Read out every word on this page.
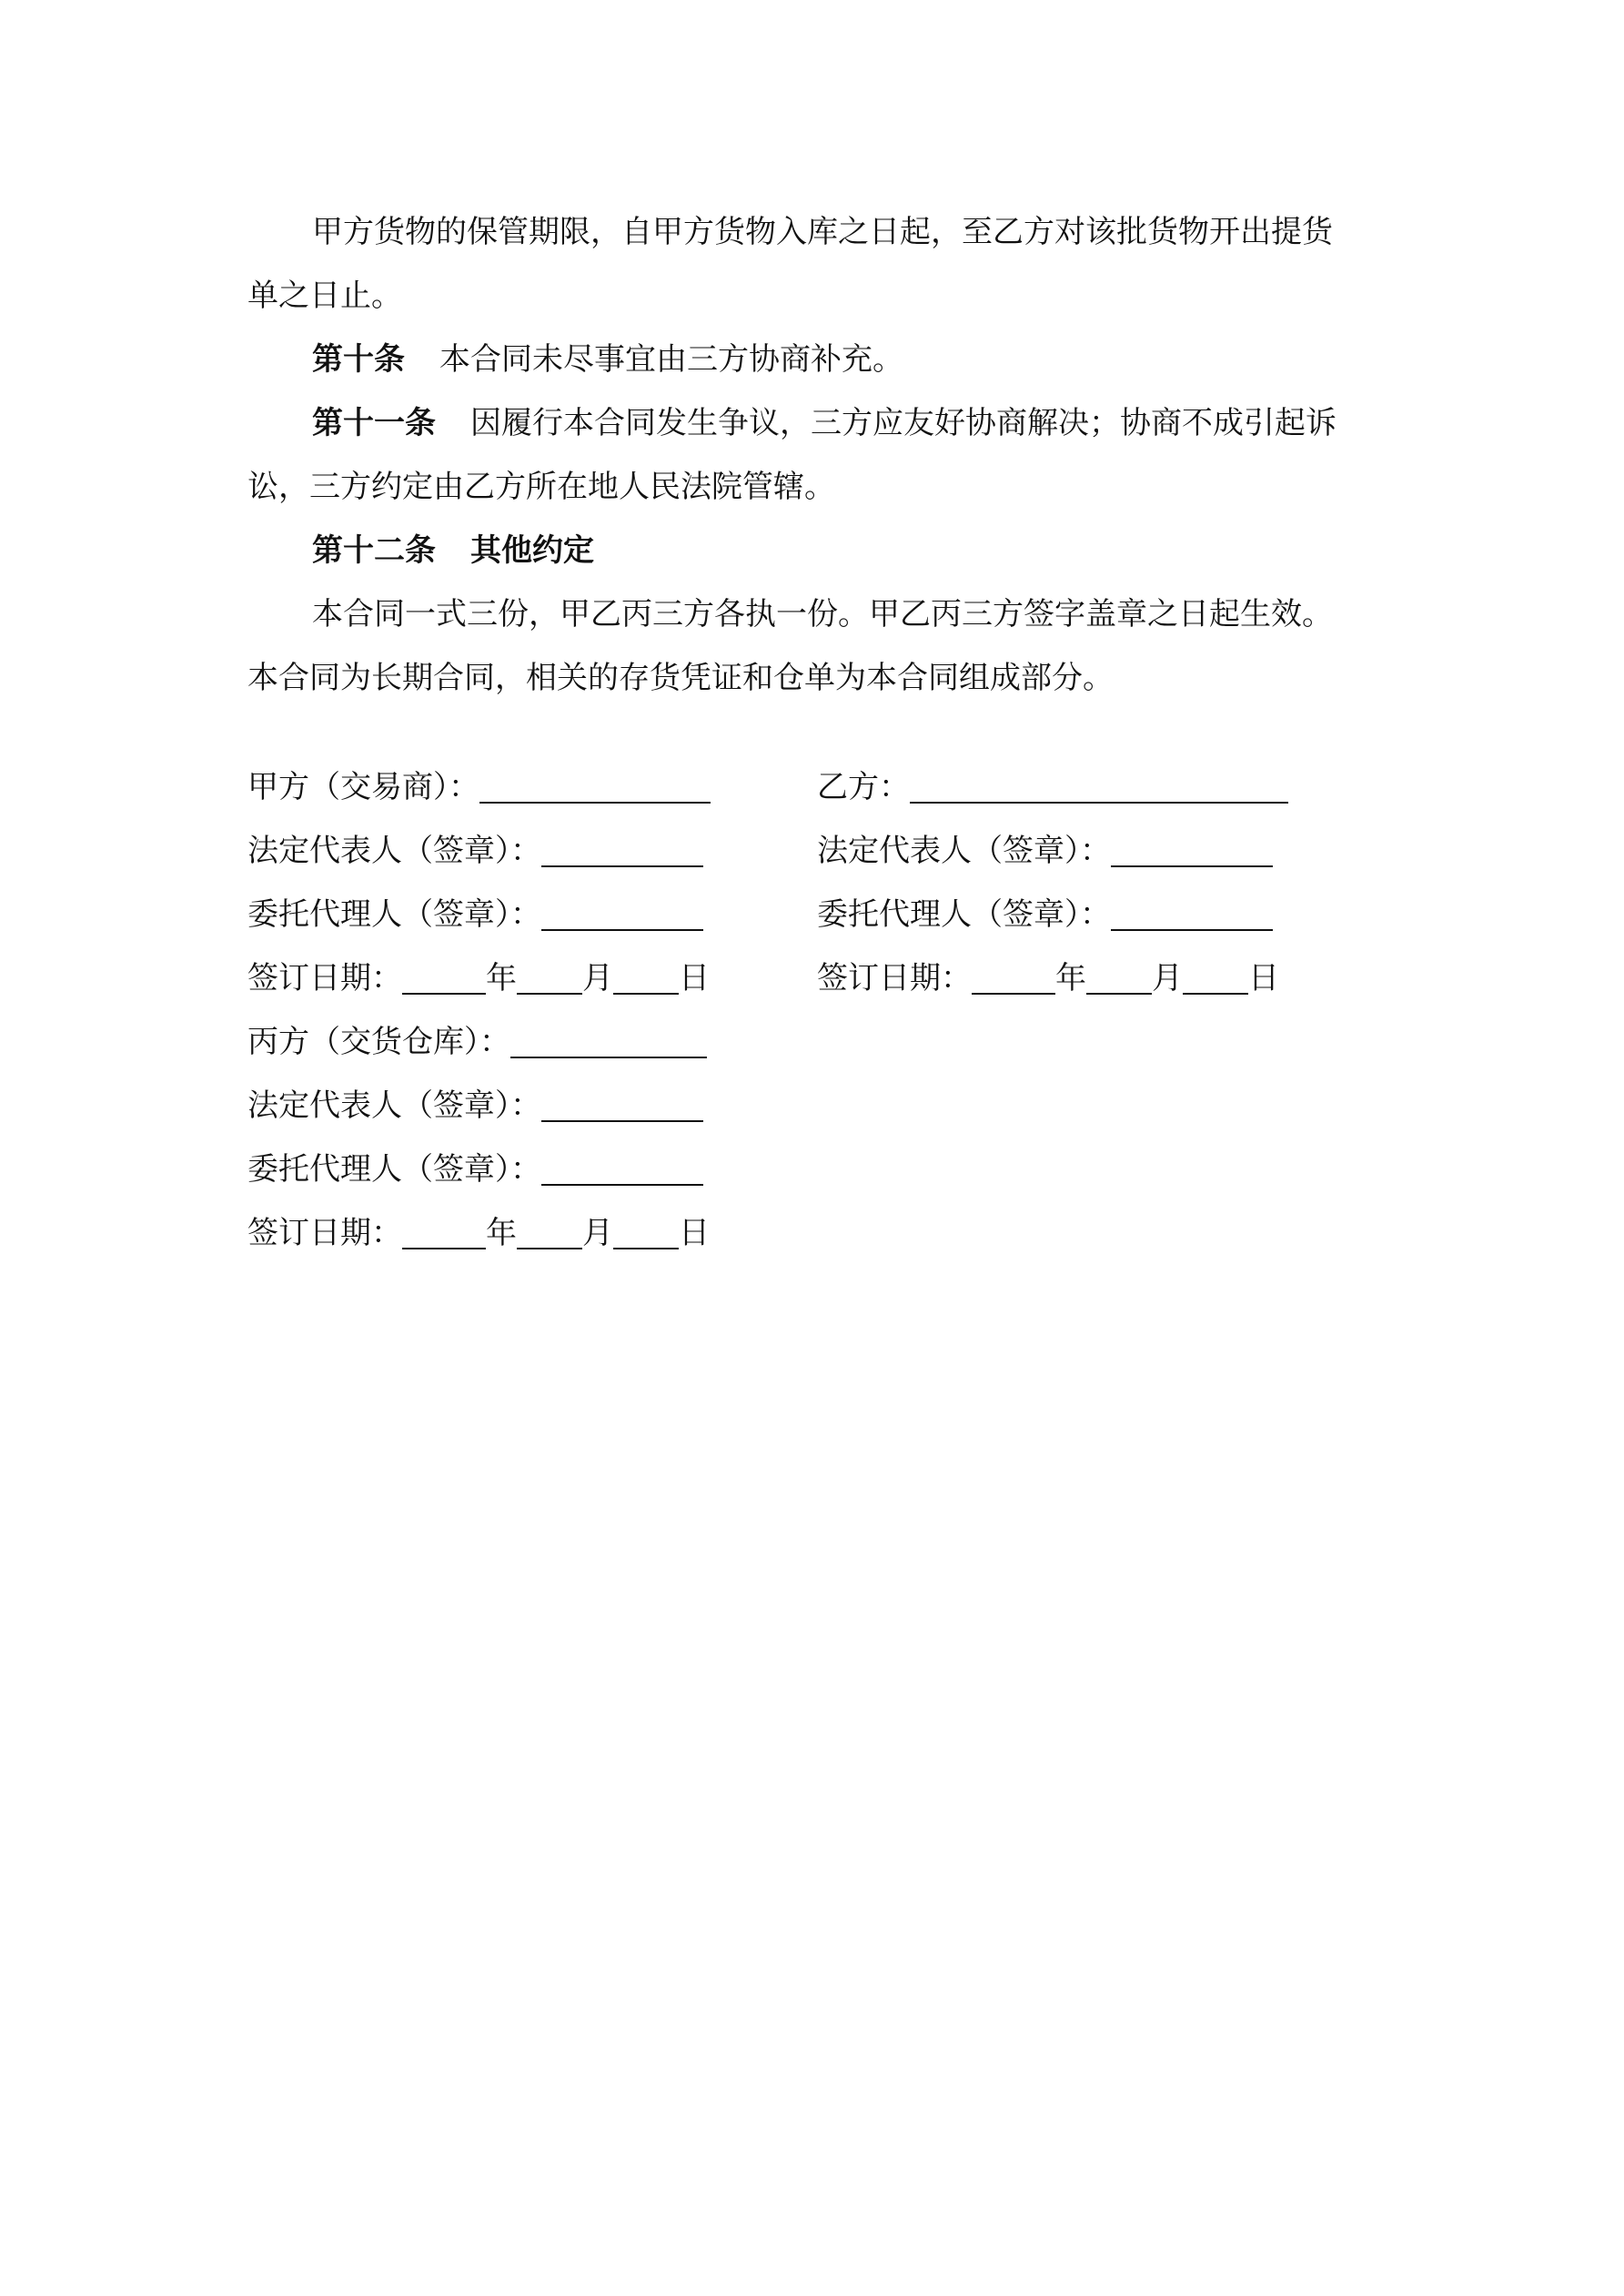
甲方货物的保管期限，自甲方货物入库之日起，至乙方对该批货物开出提货
单之日止。
第十条 本合同未尽事宜由三方协商补充。
第十一条 因履行本合同发生争议，三方应友好协商解决；协商不成引起诉
讼，三方约定由乙方所在地人民法院管辖。
第十二条 其他约定
本合同一式三份，甲乙丙三方各执一份。甲乙丙三方签字盖章之日起生效。
本合同为长期合同，相关的存货凭证和仓单为本合同组成部分。
甲方（交易商）：
法定代表人（签章）：
委托代理人（签章）：
签订日期：	年 月 日
乙方：
法定代表人（签章）：
委托代理人（签章）：
签订日期：	年 月 日
丙方（交货仓库）：
法定代表人（签章）：
委托代理人（签章）：
签订日期：	年 月 日
